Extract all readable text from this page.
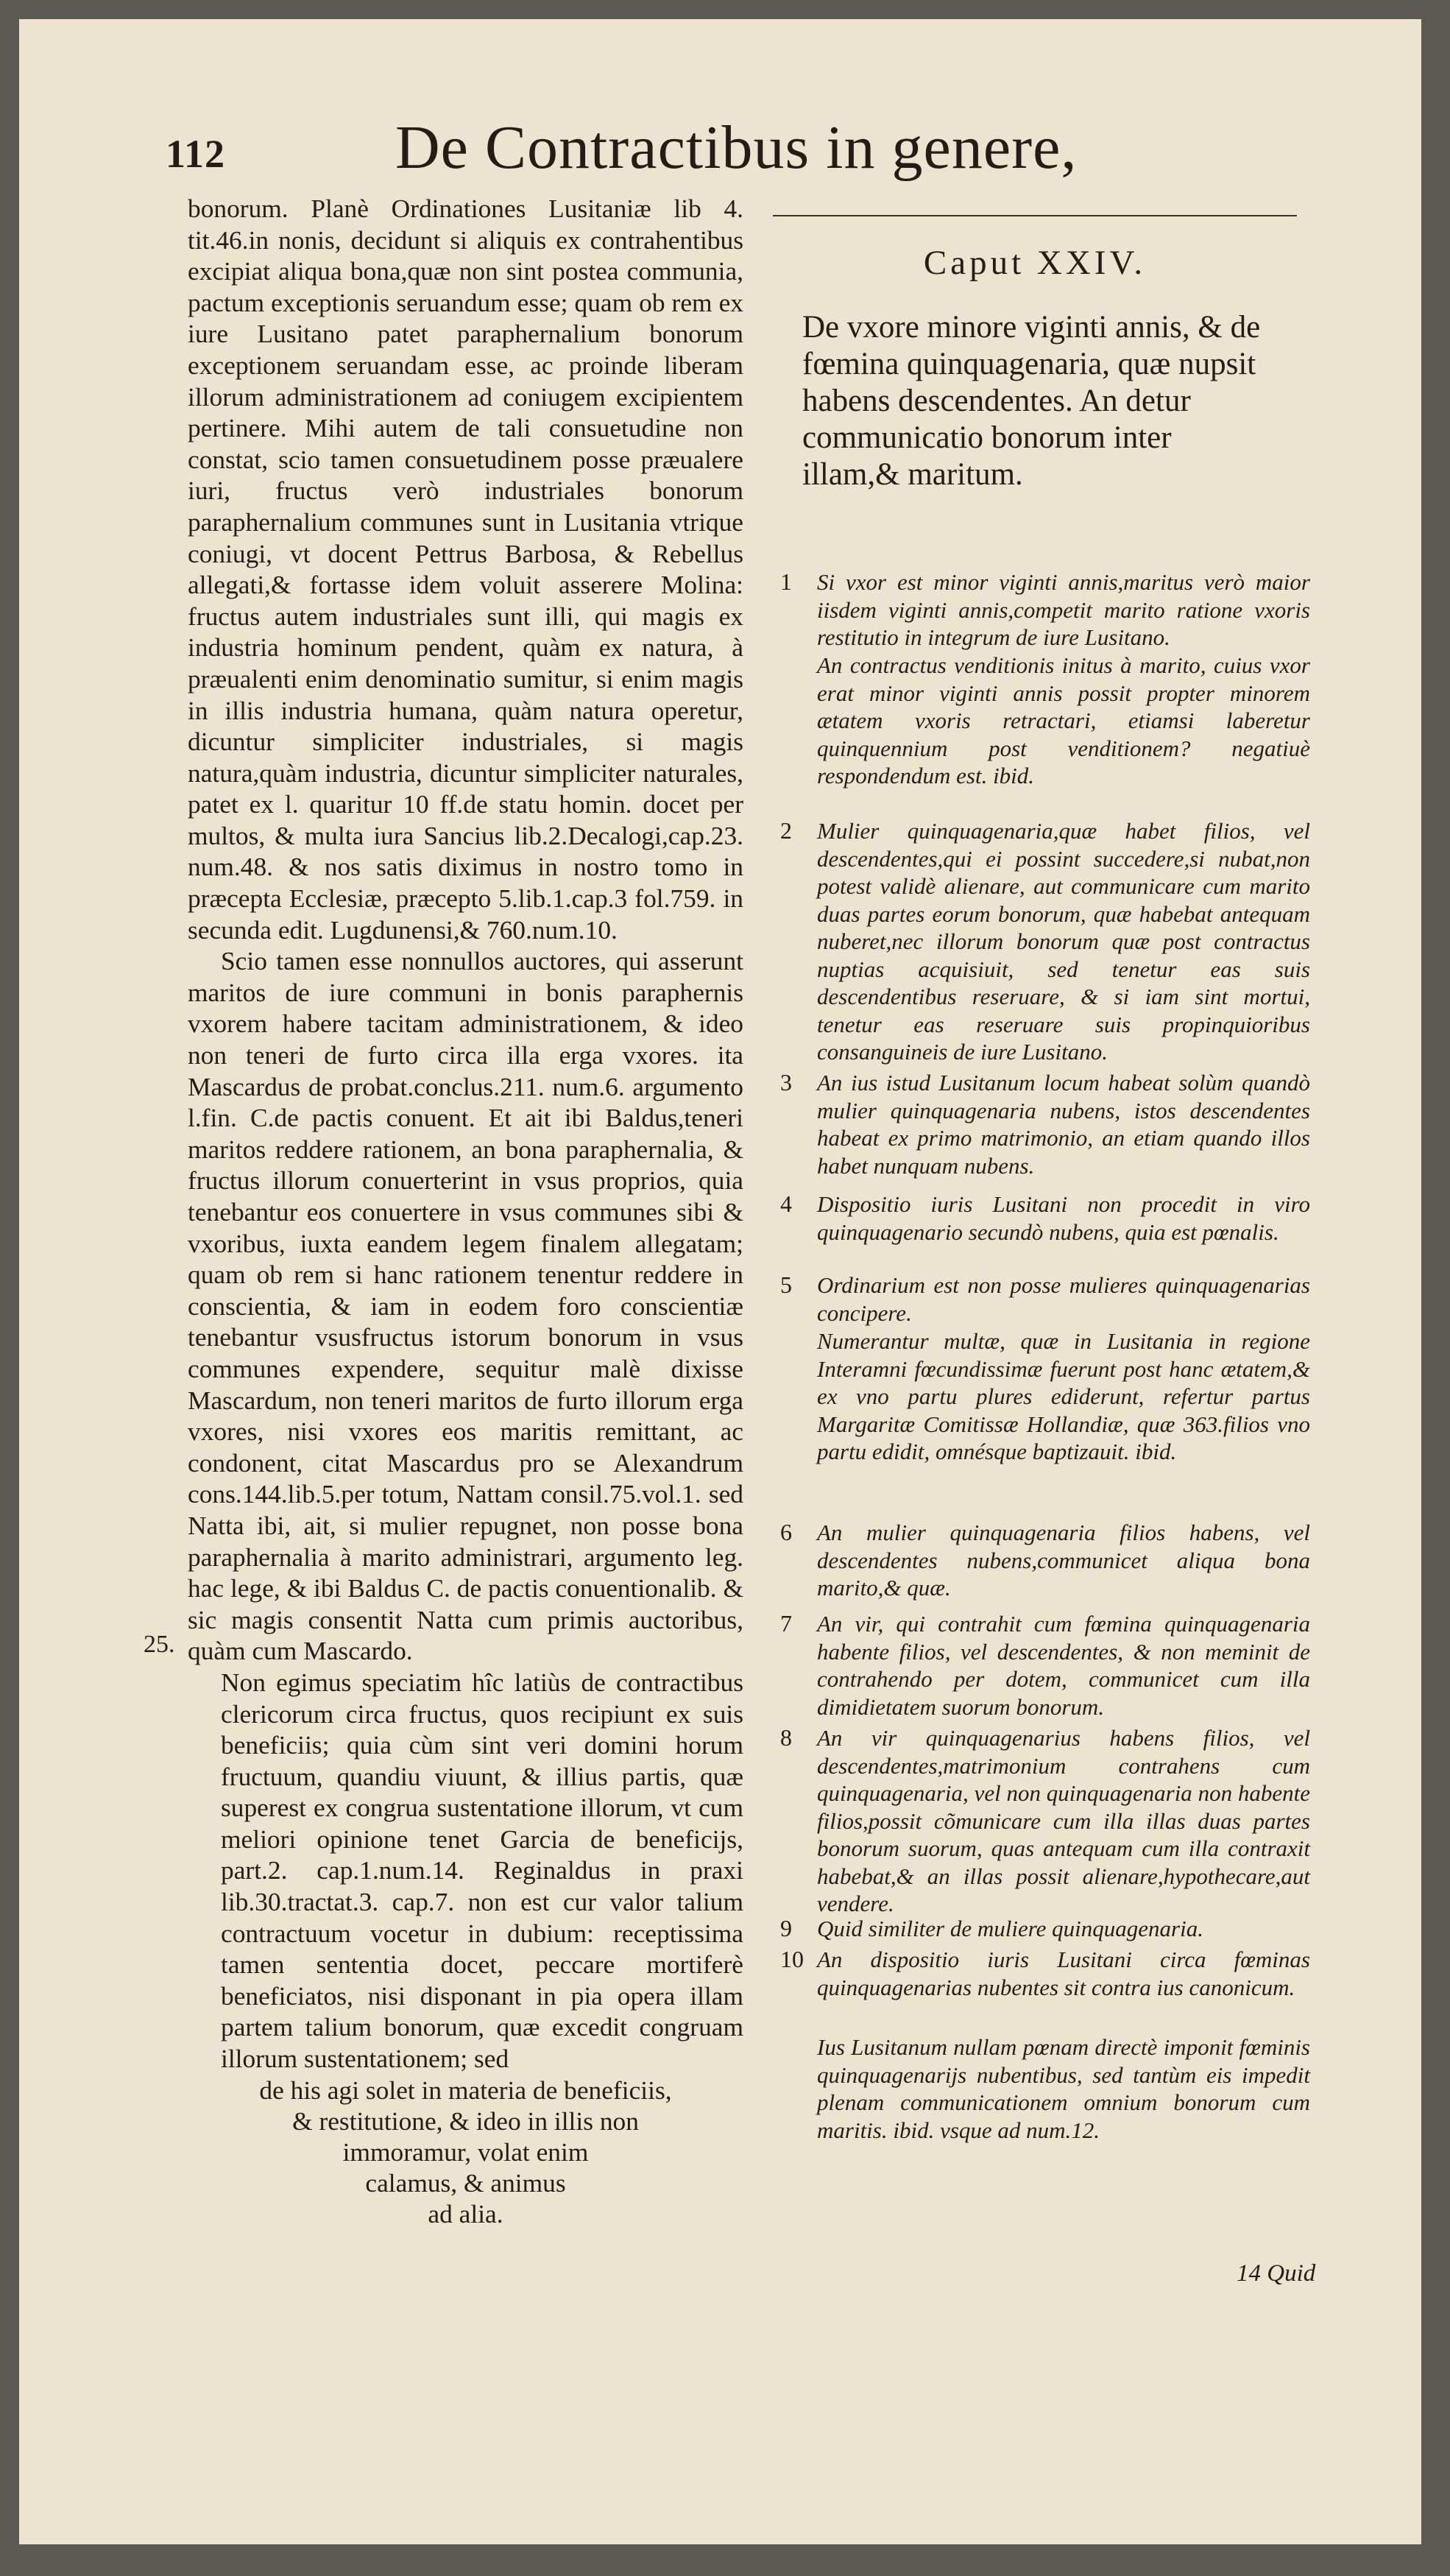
112	De Contractibus in genere,

bonorum. Planè Ordinationes Lusitaniæ lib 4. tit.46.in nonis, decidunt si aliquis ex contrahentibus excipiat aliqua bona,quæ non sint postea communia, pactum exceptionis seruandum esse; quam ob rem ex iure Lusitano patet paraphernalium bonorum exceptionem seruandam esse, ac proinde liberam illorum administrationem ad coniugem excipientem pertinere. Mihi autem de tali consuetudine non constat, scio tamen consuetudinem posse præualere iuri, fructus verò industriales bonorum paraphernalium communes sunt in Lusitania vtrique coniugi, vt docent Pettrus Barbosa, & Rebellus allegati,& fortasse idem voluit asserere Molina: fructus autem industriales sunt illi, qui magis ex industria hominum pendent, quàm ex natura, à præualenti enim denominatio sumitur, si enim magis in illis industria humana, quàm natura operetur, dicuntur simpliciter industriales, si magis natura,quàm industria, dicuntur simpliciter naturales, patet ex l. quaritur 10 ff.de statu homin. docet per multos, & multa iura Sancius lib.2.Decalogi,cap.23. num.48. & nos satis diximus in nostro tomo in præcepta Ecclesiæ, præcepto 5.lib.1.cap.3 fol.759. in secunda edit. Lugdunensi,& 760.num.10.

Scio tamen esse nonnullos auctores, qui asserunt maritos de iure communi in bonis paraphernis vxorem habere tacitam administrationem, & ideo non teneri de furto circa illa erga vxores. ita Mascardus de probat.conclus.211. num.6. argumento l.fin. C.de pactis conuent. Et ait ibi Baldus,teneri maritos reddere rationem, an bona paraphernalia, & fructus illorum conuerterint in vsus proprios, quia tenebantur eos conuertere in vsus communes sibi & vxoribus, iuxta eandem legem finalem allegatam; quam ob rem si hanc rationem tenentur reddere in conscientia, & iam in eodem foro conscientiæ tenebantur vsusfructus istorum bonorum in vsus communes expendere, sequitur malè dixisse Mascardum, non teneri maritos de furto illorum erga vxores, nisi vxores eos maritis remittant, ac condonent, citat Mascardus pro se Alexandrum cons.144.lib.5.per totum, Nattam consil.75.vol.1. sed Natta ibi, ait, si mulier repugnet, non posse bona paraphernalia à marito administrari, argumento leg. hac lege, & ibi Baldus C. de pactis conuentionalib. & sic magis consentit Natta cum primis auctoribus, quàm cum Mascardo.

Non egimus speciatim hîc latiùs de contractibus clericorum circa fructus, quos recipiunt ex suis beneficiis; quia cùm sint veri domini horum fructuum, quandiu viuunt, & illius partis, quæ superest ex congrua sustentatione illorum, vt cum meliori opinione tenet Garcia de beneficijs, part.2. cap.1.num.14. Reginaldus in praxi lib.30.tractat.3. cap.7. non est cur valor talium contractuum vocetur in dubium: receptissima tamen sententia docet, peccare mortiferè beneficiatos, nisi disponant in pia opera illam partem talium bonorum, quæ excedit congruam illorum sustentationem; sed

de his agi solet in materia de beneficiis,
& restitutione, & ideo in illis non
immoramur, volat enim
calamus, & animus
ad alia.
25.
Caput XXIV.
De vxore minore viginti annis, & de fœmina quinquagenaria, quæ nupsit habens descendentes. An detur communicatio bonorum inter illam,& maritum.
1	Si vxor est minor viginti annis,maritus verò maior iisdem viginti annis,competit marito ratione vxoris restitutio in integrum de iure Lusitano.
An contractus venditionis initus à marito, cuius vxor erat minor viginti annis possit propter minorem ætatem vxoris retractari, etiamsi laberetur quinquennium post venditionem? negatiuè respondendum est. ibid.
2	Mulier quinquagenaria,quæ habet filios, vel descendentes,qui ei possint succedere,si nubat,non potest validè alienare, aut communicare cum marito duas partes eorum bonorum, quæ habebat antequam nuberet,nec illorum bonorum quæ post contractus nuptias acquisiuit, sed tenetur eas suis descendentibus reseruare, & si iam sint mortui, tenetur eas reseruare suis propinquioribus consanguineis de iure Lusitano.
3	An ius istud Lusitanum locum habeat solùm quandò mulier quinquagenaria nubens, istos descendentes habeat ex primo matrimonio, an etiam quando illos habet nunquam nubens.
4	Dispositio iuris Lusitani non procedit in viro quinquagenario secundò nubens, quia est pœnalis.
5	Ordinarium est non posse mulieres quinquagenarias concipere.
Numerantur multæ, quæ in Lusitania in regione Interamni fœcundissimæ fuerunt post hanc ætatem,& ex vno partu plures ediderunt, refertur partus Margaritæ Comitissæ Hollandiæ, quæ 363.filios vno partu edidit, omnésque baptizauit. ibid.
6	An mulier quinquagenaria filios habens, vel descendentes nubens,communicet aliqua bona marito,& quæ.
7	An vir, qui contrahit cum fœmina quinquagenaria habente filios, vel descendentes, & non meminit de contrahendo per dotem, communicet cum illa dimidietatem suorum bonorum.
8	An vir quinquagenarius habens filios, vel descendentes,matrimonium contrahens cum quinquagenaria, vel non quinquagenaria non habente filios,possit cõmunicare cum illa illas duas partes bonorum suorum, quas antequam cum illa contraxit habebat,& an illas possit alienare,hypothecare,aut vendere.
9	Quid similiter de muliere quinquagenaria.
10 An dispositio iuris Lusitani circa fœminas quinquagenarias nubentes sit contra ius canonicum.
Ius Lusitanum nullam pœnam directè imponit fœminis quinquagenarijs nubentibus, sed tantùm eis impedit plenam communicationem omnium bonorum cum maritis. ibid. vsque ad num.12.
14 Quid
